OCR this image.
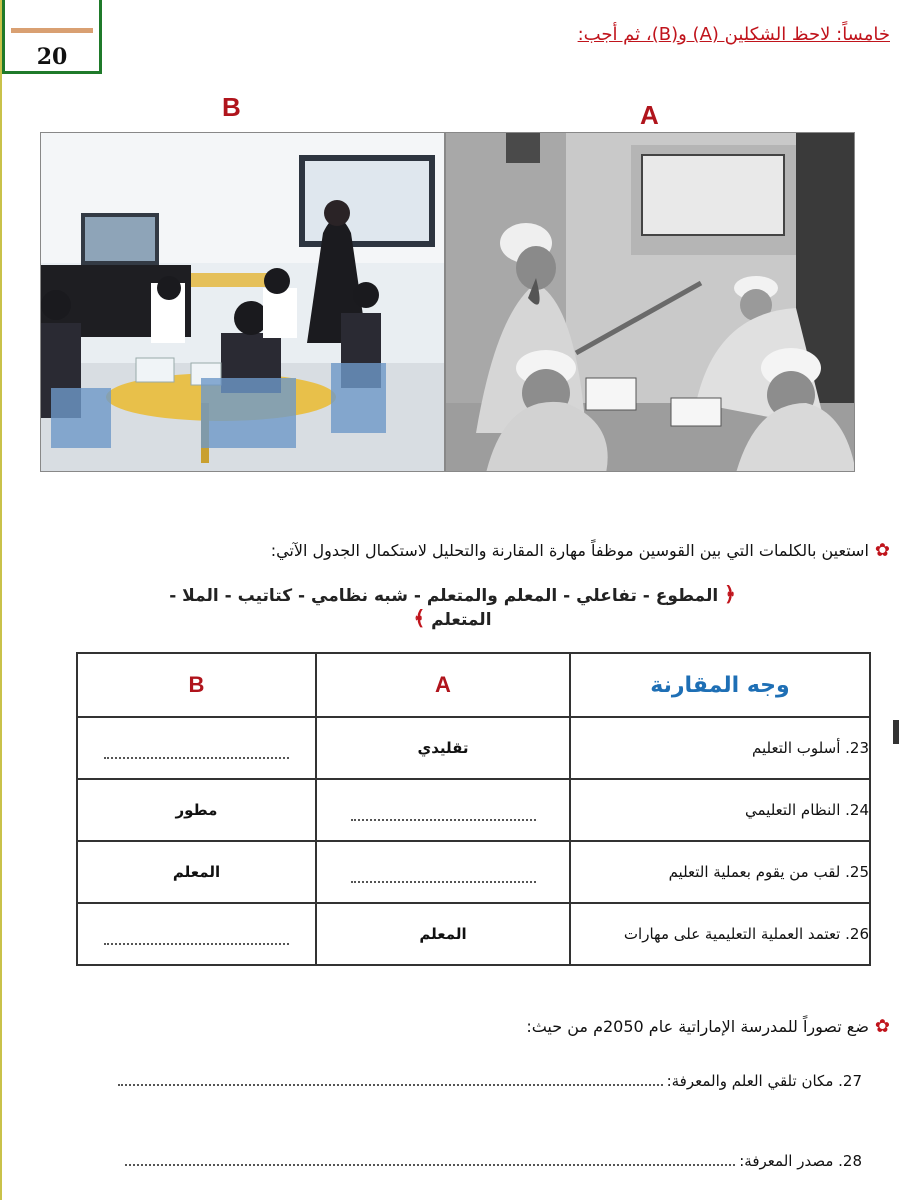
20
خامساً: لاحظ الشكلين (A) و(B)، ثم أجب:
B	A
✿
استعين بالكلمات التي بين القوسين موظفاً مهارة المقارنة والتحليل لاستكمال الجدول الآتي:
﴿ المطوع - تفاعلي - المعلم والمتعلم - شبه نظامي - كتاتيب - الملا - المتعلم ﴾
وجه المقارنة	A	B
23. أسلوب التعليم	تقليدي	
24. النظام التعليمي		مطور
25. لقب من يقوم بعملية التعليم		المعلم
26. تعتمد العملية التعليمية على مهارات	المعلم	
✿
ضع تصوراً للمدرسة الإماراتية عام 2050م من حيث:
27. مكان تلقي العلم والمعرفة:
28. مصدر المعرفة:
